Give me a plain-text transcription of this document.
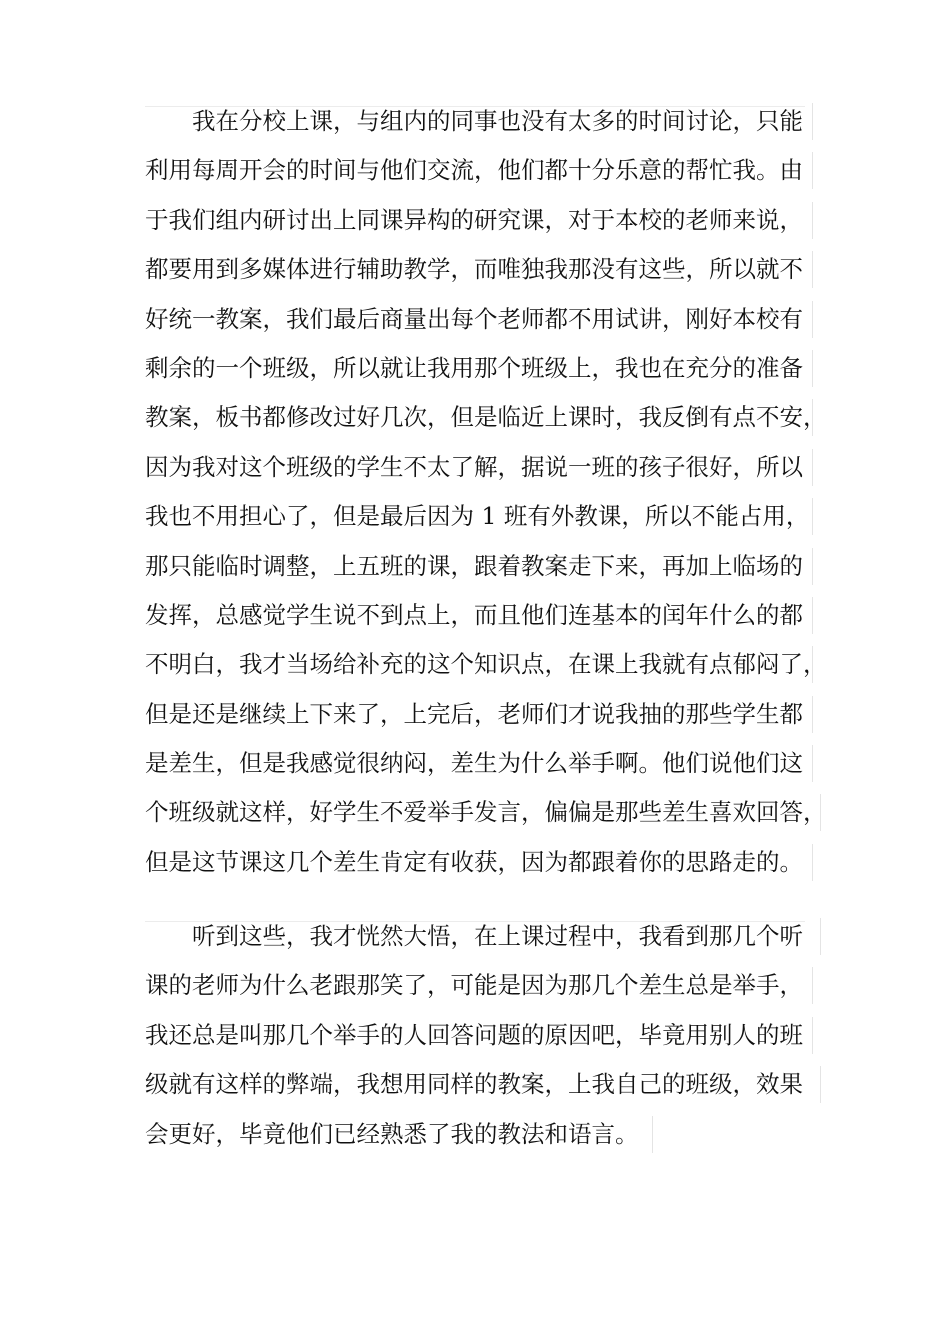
我在分校上课，与组内的同事也没有太多的时间讨论，只能
利用每周开会的时间与他们交流，他们都十分乐意的帮忙我。由
于我们组内研讨出上同课异构的研究课，对于本校的老师来说，
都要用到多媒体进行辅助教学，而唯独我那没有这些，所以就不
好统一教案，我们最后商量出每个老师都不用试讲，刚好本校有
剩余的一个班级，所以就让我用那个班级上，我也在充分的准备
教案，板书都修改过好几次，但是临近上课时，我反倒有点不安，
因为我对这个班级的学生不太了解，据说一班的孩子很好，所以
我也不用担心了，但是最后因为 1 班有外教课，所以不能占用，
那只能临时调整，上五班的课，跟着教案走下来，再加上临场的
发挥，总感觉学生说不到点上，而且他们连基本的闰年什么的都
不明白，我才当场给补充的这个知识点，在课上我就有点郁闷了，
但是还是继续上下来了，上完后，老师们才说我抽的那些学生都
是差生，但是我感觉很纳闷，差生为什么举手啊。他们说他们这
个班级就这样，好学生不爱举手发言，偏偏是那些差生喜欢回答，
但是这节课这几个差生肯定有收获，因为都跟着你的思路走的。
听到这些，我才恍然大悟，在上课过程中，我看到那几个听
课的老师为什么老跟那笑了，可能是因为那几个差生总是举手，
我还总是叫那几个举手的人回答问题的原因吧，毕竟用别人的班
级就有这样的弊端，我想用同样的教案，上我自己的班级，效果
会更好，毕竟他们已经熟悉了我的教法和语言。
